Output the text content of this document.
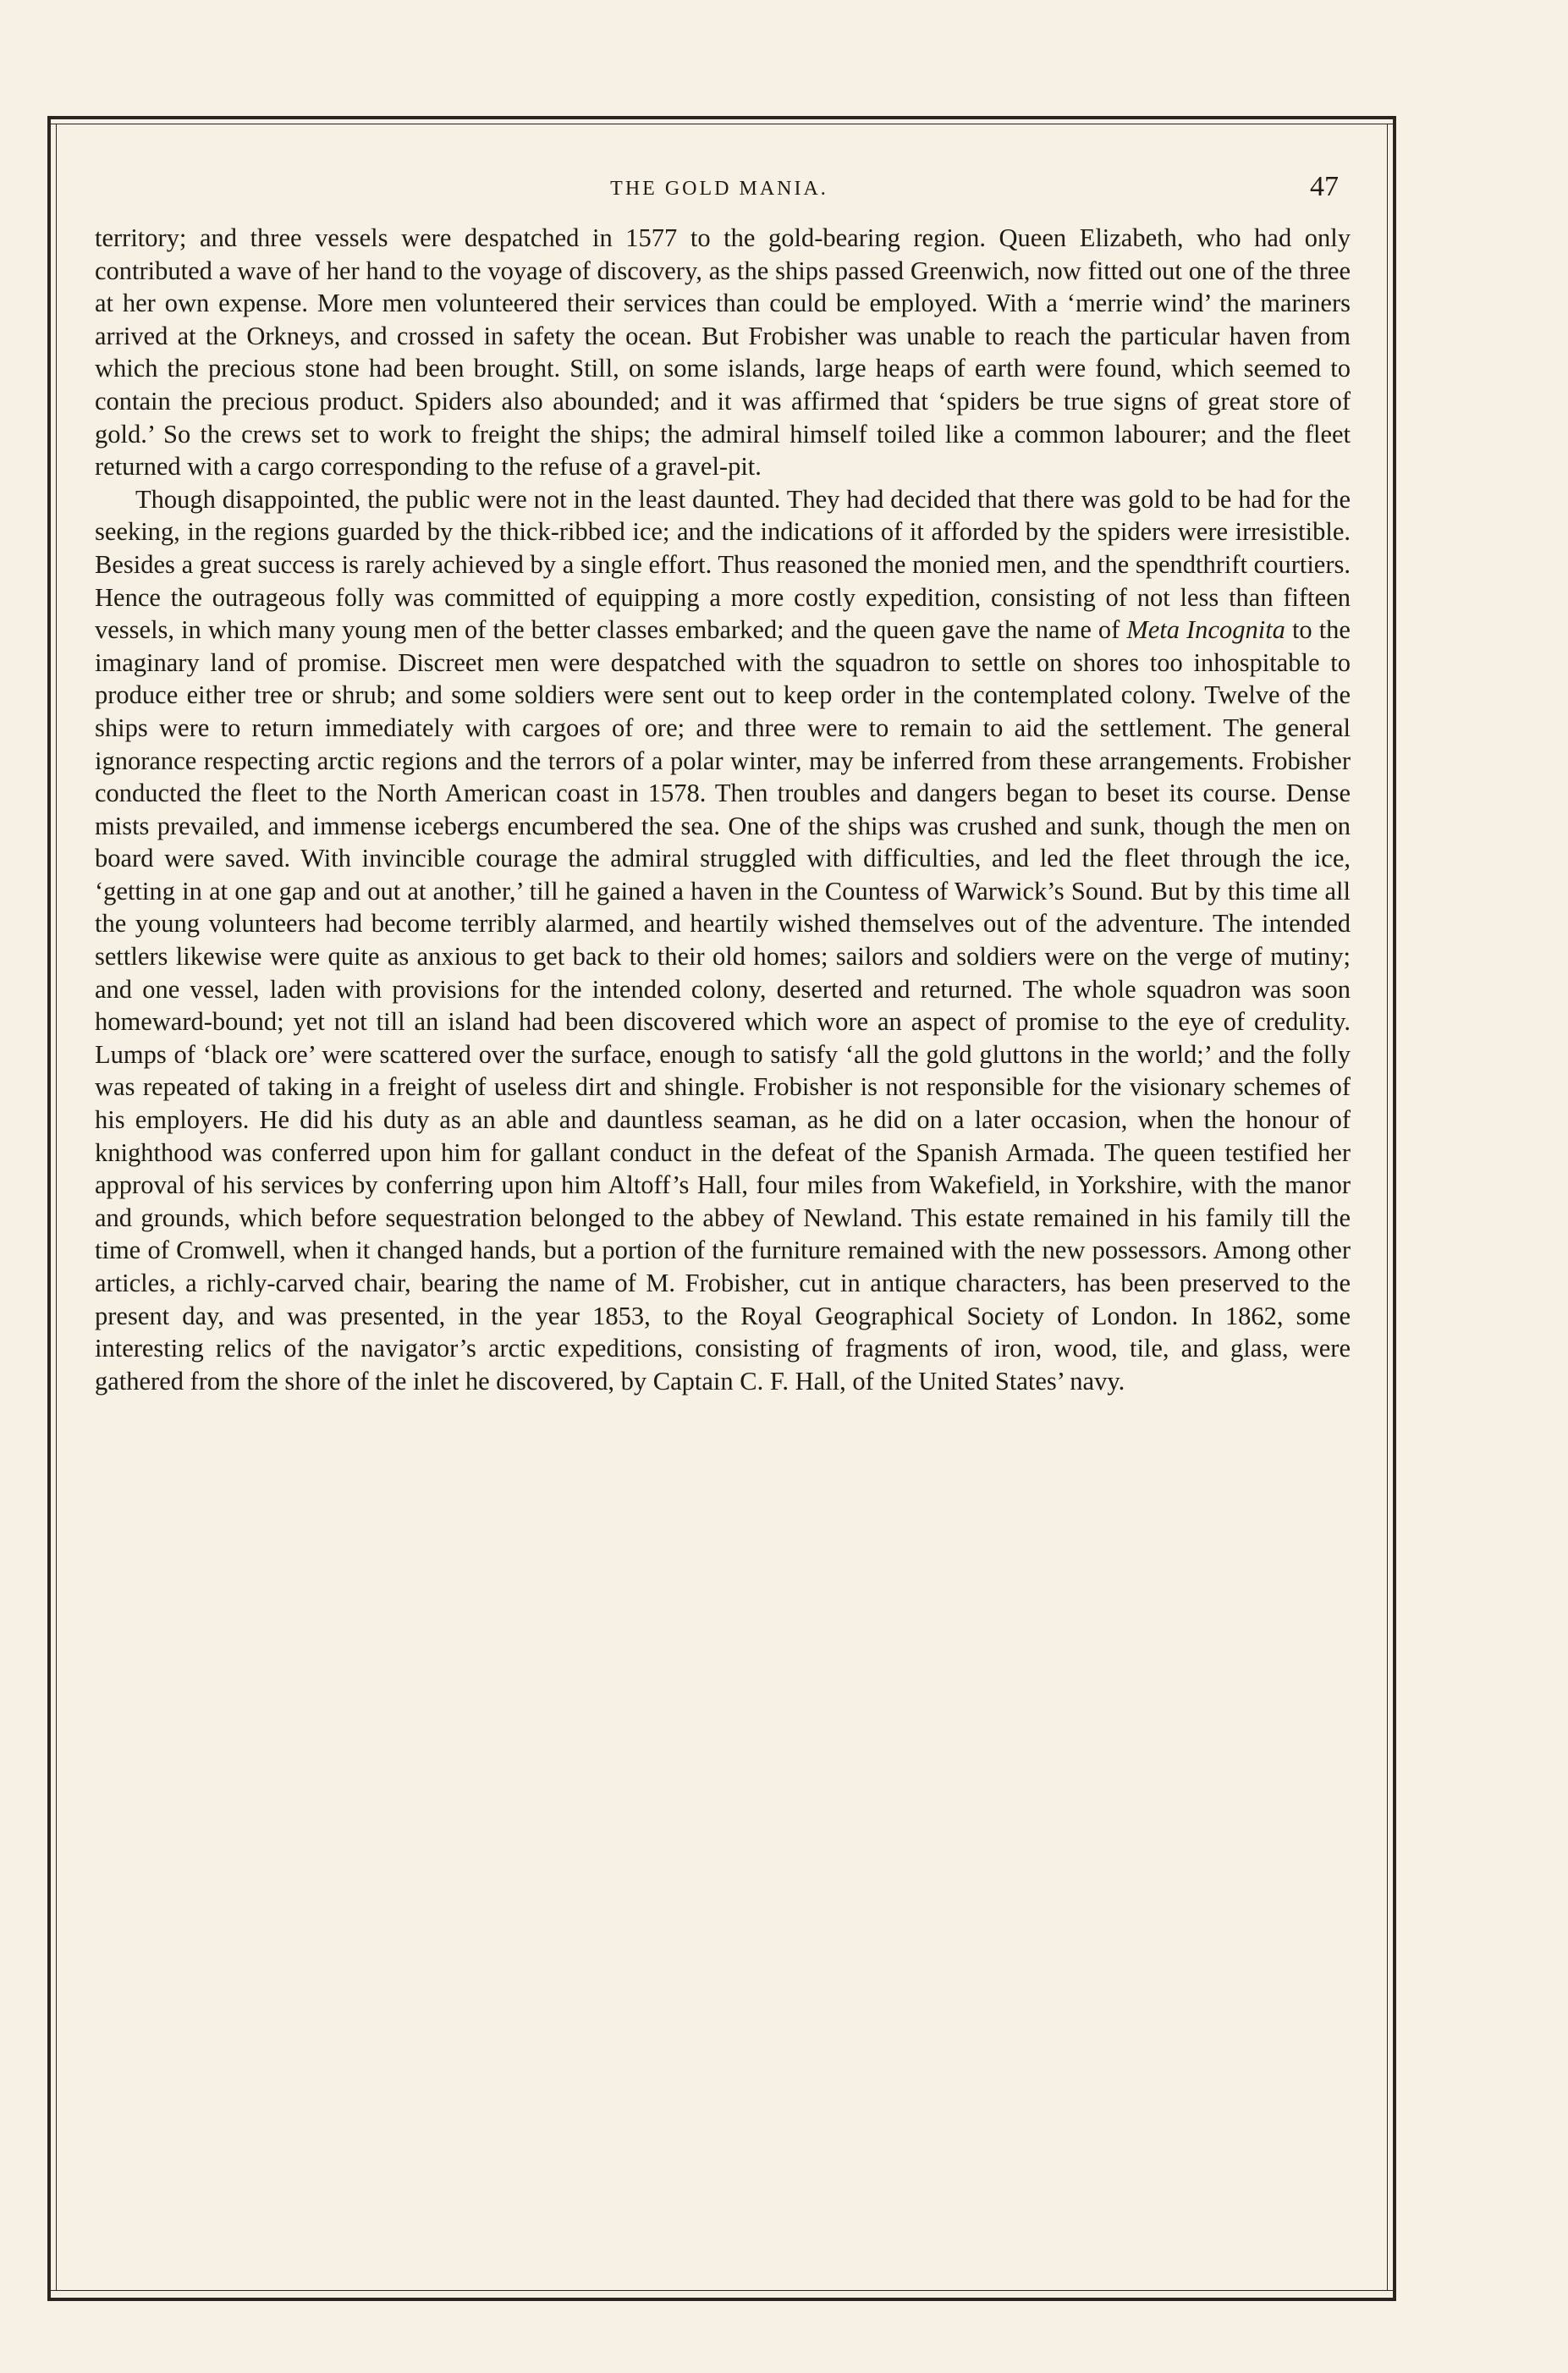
THE GOLD MANIA.	47

territory; and three vessels were despatched in 1577 to the gold-bearing region. Queen Elizabeth, who had only contributed a wave of her hand to the voyage of discovery, as the ships passed Greenwich, now fitted out one of the three at her own expense. More men volunteered their services than could be employed. With a ‘merrie wind’ the mariners arrived at the Orkneys, and crossed in safety the ocean. But Frobisher was unable to reach the particular haven from which the precious stone had been brought. Still, on some islands, large heaps of earth were found, which seemed to contain the precious product. Spiders also abounded; and it was affirmed that ‘spiders be true signs of great store of gold.’ So the crews set to work to freight the ships; the admiral himself toiled like a common labourer; and the fleet returned with a cargo corresponding to the refuse of a gravel-pit.

Though disappointed, the public were not in the least daunted. They had decided that there was gold to be had for the seeking, in the regions guarded by the thick-ribbed ice; and the indications of it afforded by the spiders were irresistible. Besides a great success is rarely achieved by a single effort. Thus reasoned the monied men, and the spendthrift courtiers. Hence the outrageous folly was committed of equipping a more costly expedition, consisting of not less than fifteen vessels, in which many young men of the better classes embarked; and the queen gave the name of Meta Incognita to the imaginary land of promise. Discreet men were despatched with the squadron to settle on shores too inhospitable to produce either tree or shrub; and some soldiers were sent out to keep order in the contemplated colony. Twelve of the ships were to return immediately with cargoes of ore; and three were to remain to aid the settlement. The general ignorance respecting arctic regions and the terrors of a polar winter, may be inferred from these arrangements. Frobisher conducted the fleet to the North American coast in 1578. Then troubles and dangers began to beset its course. Dense mists prevailed, and immense icebergs encumbered the sea. One of the ships was crushed and sunk, though the men on board were saved. With invincible courage the admiral struggled with difficulties, and led the fleet through the ice, ‘getting in at one gap and out at another,’ till he gained a haven in the Countess of Warwick’s Sound. But by this time all the young volunteers had become terribly alarmed, and heartily wished themselves out of the adventure. The intended settlers likewise were quite as anxious to get back to their old homes; sailors and soldiers were on the verge of mutiny; and one vessel, laden with provisions for the intended colony, deserted and returned. The whole squadron was soon homeward-bound; yet not till an island had been discovered which wore an aspect of promise to the eye of credulity. Lumps of ‘black ore’ were scattered over the surface, enough to satisfy ‘all the gold gluttons in the world;’ and the folly was repeated of taking in a freight of useless dirt and shingle. Frobisher is not responsible for the visionary schemes of his employers. He did his duty as an able and dauntless seaman, as he did on a later occasion, when the honour of knighthood was conferred upon him for gallant conduct in the defeat of the Spanish Armada. The queen testified her approval of his services by conferring upon him Altoff’s Hall, four miles from Wakefield, in Yorkshire, with the manor and grounds, which before sequestration belonged to the abbey of Newland. This estate remained in his family till the time of Cromwell, when it changed hands, but a portion of the furniture remained with the new possessors. Among other articles, a richly-carved chair, bearing the name of M. Frobisher, cut in antique characters, has been preserved to the present day, and was presented, in the year 1853, to the Royal Geographical Society of London. In 1862, some interesting relics of the navigator’s arctic expeditions, consisting of fragments of iron, wood, tile, and glass, were gathered from the shore of the inlet he discovered, by Captain C. F. Hall, of the United States’ navy.
